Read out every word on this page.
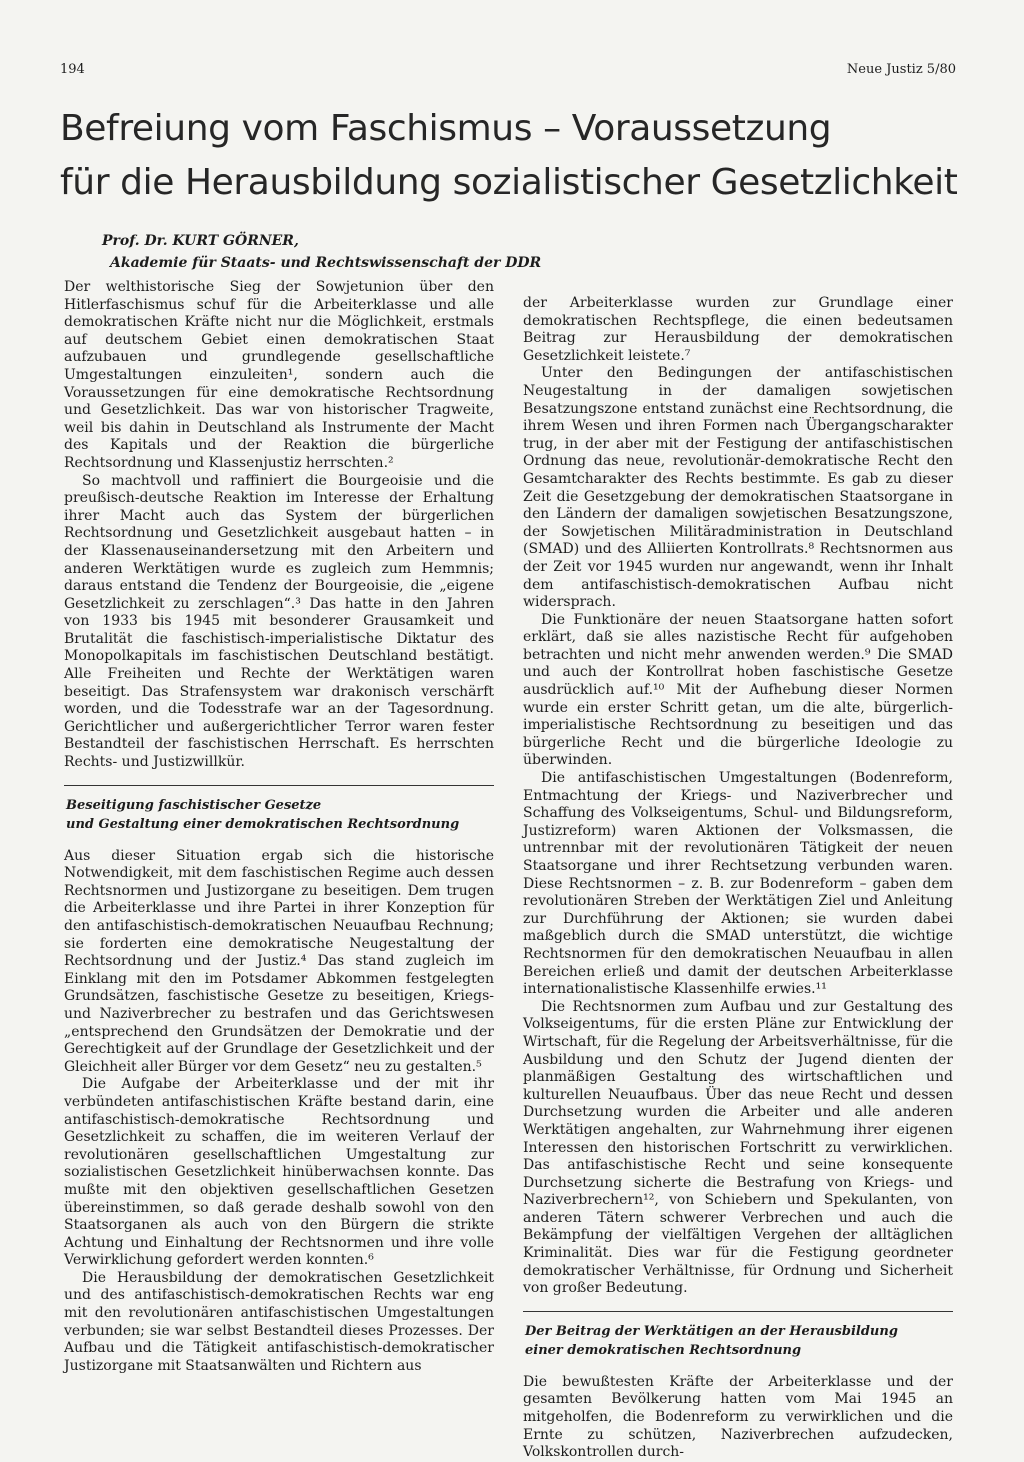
194	Neue Justiz 5/80
Befreiung vom Faschismus – Voraussetzung
für die Herausbildung sozialistischer Gesetzlichkeit
Prof. Dr. KURT GÖRNER,
Akademie für Staats- und Rechtswissenschaft der DDR

Der welthistorische Sieg der Sowjetunion über den Hitlerfaschismus schuf für die Arbeiterklasse und alle demokratischen Kräfte nicht nur die Möglichkeit, erstmals auf deutschem Gebiet einen demokratischen Staat aufzubauen und grundlegende gesellschaftliche Umgestaltungen einzuleiten¹, sondern auch die Voraussetzungen für eine demokratische Rechtsordnung und Gesetzlichkeit. Das war von historischer Tragweite, weil bis dahin in Deutschland als Instrumente der Macht des Kapitals und der Reaktion die bürgerliche Rechtsordnung und Klassenjustiz herrschten.²

So machtvoll und raffiniert die Bourgeoisie und die preußisch-deutsche Reaktion im Interesse der Erhaltung ihrer Macht auch das System der bürgerlichen Rechtsordnung und Gesetzlichkeit ausgebaut hatten – in der Klassenauseinandersetzung mit den Arbeitern und anderen Werktätigen wurde es zugleich zum Hemmnis; daraus entstand die Tendenz der Bourgeoisie, die „eigene Gesetzlichkeit zu zerschlagen“.³ Das hatte in den Jahren von 1933 bis 1945 mit besonderer Grausamkeit und Brutalität die faschistisch-imperialistische Diktatur des Monopolkapitals im faschistischen Deutschland bestätigt. Alle Freiheiten und Rechte der Werktätigen waren beseitigt. Das Strafensystem war drakonisch verschärft worden, und die Todesstrafe war an der Tagesordnung. Gerichtlicher und außergerichtlicher Terror waren fester Bestandteil der faschistischen Herrschaft. Es herrschten Rechts- und Justizwillkür.

Beseitigung faschistischer Gesetze
und Gestaltung einer demokratischen Rechtsordnung

Aus dieser Situation ergab sich die historische Notwendigkeit, mit dem faschistischen Regime auch dessen Rechtsnormen und Justizorgane zu beseitigen. Dem trugen die Arbeiterklasse und ihre Partei in ihrer Konzeption für den antifaschistisch-demokratischen Neuaufbau Rechnung; sie forderten eine demokratische Neugestaltung der Rechtsordnung und der Justiz.⁴ Das stand zugleich im Einklang mit den im Potsdamer Abkommen festgelegten Grundsätzen, faschistische Gesetze zu beseitigen, Kriegs- und Naziverbrecher zu bestrafen und das Gerichtswesen „entsprechend den Grundsätzen der Demokratie und der Gerechtigkeit auf der Grundlage der Gesetzlichkeit und der Gleichheit aller Bürger vor dem Gesetz“ neu zu gestalten.⁵

Die Aufgabe der Arbeiterklasse und der mit ihr verbündeten antifaschistischen Kräfte bestand darin, eine antifaschistisch-demokratische Rechtsordnung und Gesetzlichkeit zu schaffen, die im weiteren Verlauf der revolutionären gesellschaftlichen Umgestaltung zur sozialistischen Gesetzlichkeit hinüberwachsen konnte. Das mußte mit den objektiven gesellschaftlichen Gesetzen übereinstimmen, so daß gerade deshalb sowohl von den Staatsorganen als auch von den Bürgern die strikte Achtung und Einhaltung der Rechtsnormen und ihre volle Verwirklichung gefordert werden konnten.⁶

Die Herausbildung der demokratischen Gesetzlichkeit und des antifaschistisch-demokratischen Rechts war eng mit den revolutionären antifaschistischen Umgestaltungen verbunden; sie war selbst Bestandteil dieses Prozesses. Der Aufbau und die Tätigkeit antifaschistisch-demokratischer Justizorgane mit Staatsanwälten und Richtern aus

der Arbeiterklasse wurden zur Grundlage einer demokratischen Rechtspflege, die einen bedeutsamen Beitrag zur Herausbildung der demokratischen Gesetzlichkeit leistete.⁷

Unter den Bedingungen der antifaschistischen Neugestaltung in der damaligen sowjetischen Besatzungszone entstand zunächst eine Rechtsordnung, die ihrem Wesen und ihren Formen nach Übergangscharakter trug, in der aber mit der Festigung der antifaschistischen Ordnung das neue, revolutionär-demokratische Recht den Gesamtcharakter des Rechts bestimmte. Es gab zu dieser Zeit die Gesetzgebung der demokratischen Staatsorgane in den Ländern der damaligen sowjetischen Besatzungszone, der Sowjetischen Militäradministration in Deutschland (SMAD) und des Alliierten Kontrollrats.⁸ Rechtsnormen aus der Zeit vor 1945 wurden nur angewandt, wenn ihr Inhalt dem antifaschistisch-demokratischen Aufbau nicht widersprach.

Die Funktionäre der neuen Staatsorgane hatten sofort erklärt, daß sie alles nazistische Recht für aufgehoben betrachten und nicht mehr anwenden werden.⁹ Die SMAD und auch der Kontrollrat hoben faschistische Gesetze ausdrücklich auf.¹⁰ Mit der Aufhebung dieser Normen wurde ein erster Schritt getan, um die alte, bürgerlich-imperialistische Rechtsordnung zu beseitigen und das bürgerliche Recht und die bürgerliche Ideologie zu überwinden.

Die antifaschistischen Umgestaltungen (Bodenreform, Entmachtung der Kriegs- und Naziverbrecher und Schaffung des Volkseigentums, Schul- und Bildungsreform, Justizreform) waren Aktionen der Volksmassen, die untrennbar mit der revolutionären Tätigkeit der neuen Staatsorgane und ihrer Rechtsetzung verbunden waren. Diese Rechtsnormen – z. B. zur Bodenreform – gaben dem revolutionären Streben der Werktätigen Ziel und Anleitung zur Durchführung der Aktionen; sie wurden dabei maßgeblich durch die SMAD unterstützt, die wichtige Rechtsnormen für den demokratischen Neuaufbau in allen Bereichen erließ und damit der deutschen Arbeiterklasse internationalistische Klassenhilfe erwies.¹¹

Die Rechtsnormen zum Aufbau und zur Gestaltung des Volkseigentums, für die ersten Pläne zur Entwicklung der Wirtschaft, für die Regelung der Arbeitsverhältnisse, für die Ausbildung und den Schutz der Jugend dienten der planmäßigen Gestaltung des wirtschaftlichen und kulturellen Neuaufbaus. Über das neue Recht und dessen Durchsetzung wurden die Arbeiter und alle anderen Werktätigen angehalten, zur Wahrnehmung ihrer eigenen Interessen den historischen Fortschritt zu verwirklichen. Das antifaschistische Recht und seine konsequente Durchsetzung sicherte die Bestrafung von Kriegs- und Naziverbrechern¹², von Schiebern und Spekulanten, von anderen Tätern schwerer Verbrechen und auch die Bekämpfung der vielfältigen Vergehen der alltäglichen Kriminalität. Dies war für die Festigung geordneter demokratischer Verhältnisse, für Ordnung und Sicherheit von großer Bedeutung.

Der Beitrag der Werktätigen an der Herausbildung
einer demokratischen Rechtsordnung

Die bewußtesten Kräfte der Arbeiterklasse und der gesamten Bevölkerung hatten vom Mai 1945 an mitgeholfen, die Bodenreform zu verwirklichen und die Ernte zu schützen, Naziverbrechen aufzudecken, Volkskontrollen durch-
